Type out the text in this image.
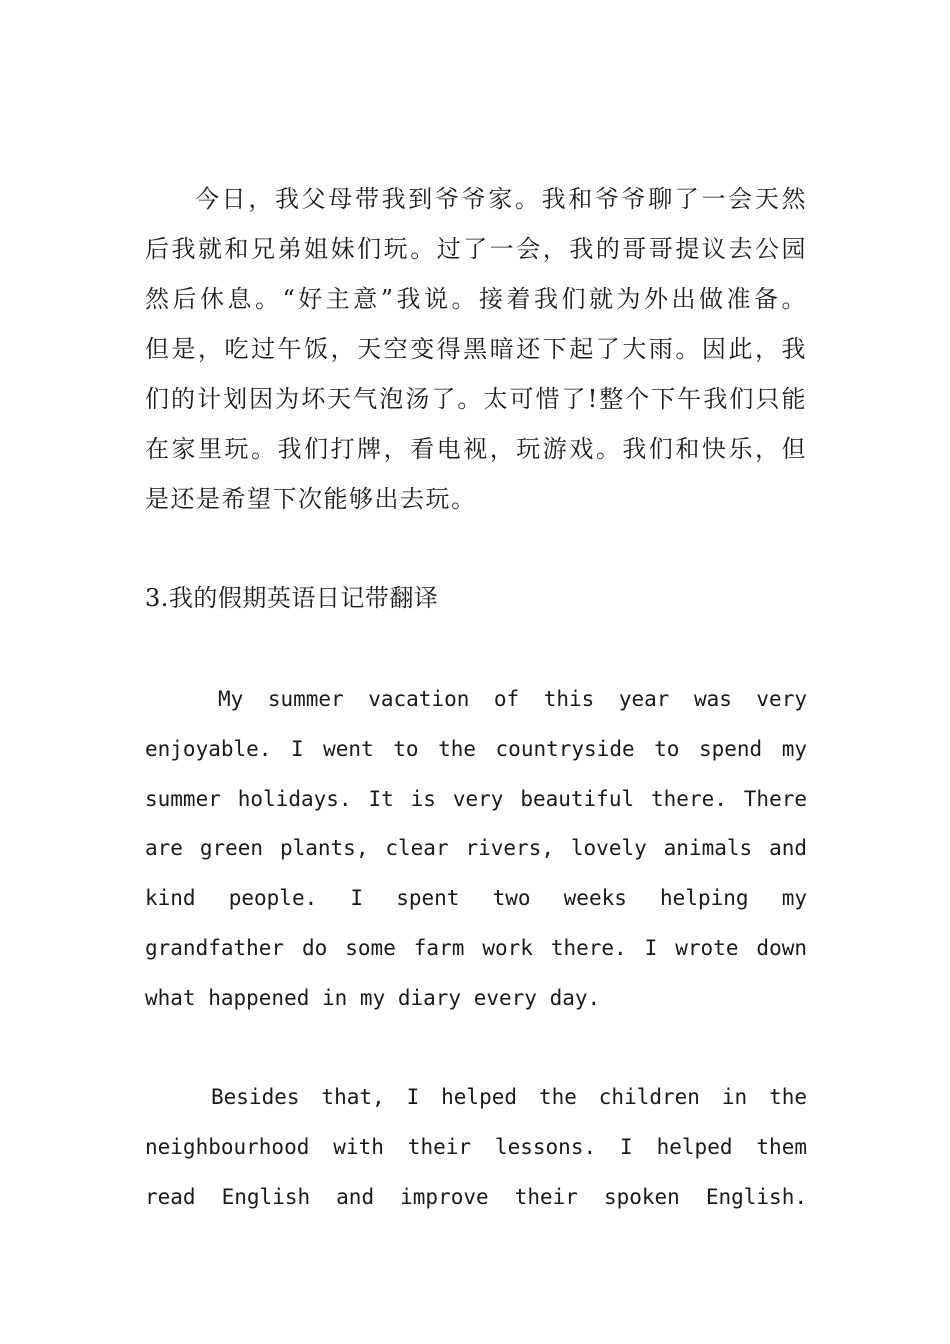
今日，我父母带我到爷爷家。我和爷爷聊了一会天然
后我就和兄弟姐妹们玩。过了一会，我的哥哥提议去公园
然后休息。“好主意”我说。接着我们就为外出做准备。
但是，吃过午饭，天空变得黑暗还下起了大雨。因此，我
们的计划因为坏天气泡汤了。太可惜了!整个下午我们只能
在家里玩。我们打牌，看电视，玩游戏。我们和快乐，但
是还是希望下次能够出去玩。
3.我的假期英语日记带翻译
My summer vacation of this year was very
enjoyable. I went to the countryside to spend my
summer holidays. It is very beautiful there. There
are green plants, clear rivers, lovely animals and
kind people. I spent two weeks helping my
grandfather do some farm work there. I wrote down
what happened in my diary every day.
Besides that, I helped the children in the
neighbourhood with their lessons. I helped them
read English and improve their spoken English.
